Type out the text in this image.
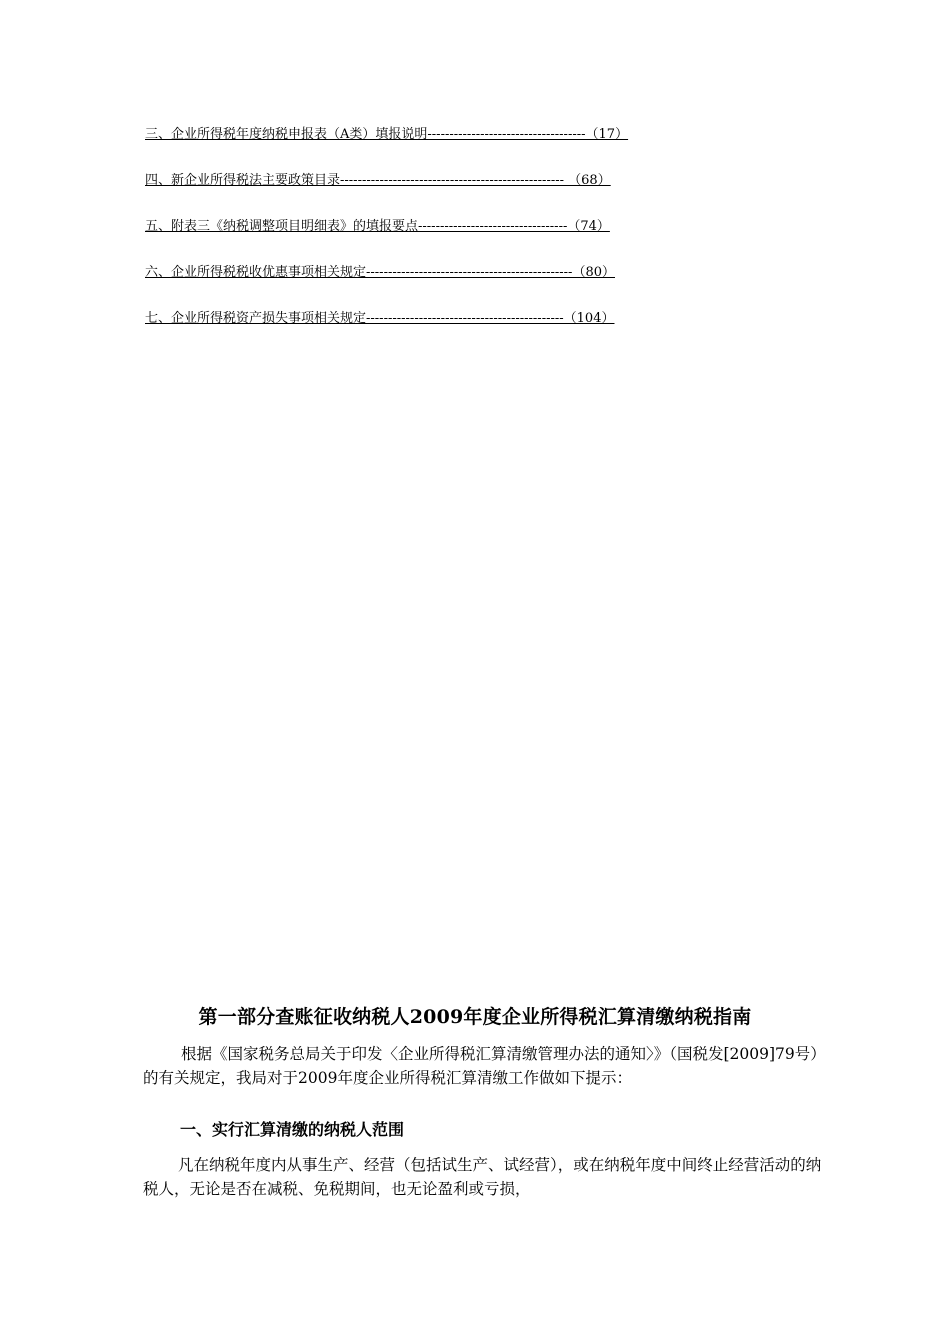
三、企业所得税年度纳税申报表（A类）填报说明------------------------------------（17）
四、新企业所得税法主要政策目录--------------------------------------------------- （68）
五、附表三《纳税调整项目明细表》的填报要点----------------------------------（74）
六、企业所得税税收优惠事项相关规定-----------------------------------------------（80）
七、企业所得税资产损失事项相关规定---------------------------------------------（104）
第一部分查账征收纳税人2009年度企业所得税汇算清缴纳税指南
根据《国家税务总局关于印发〈企业所得税汇算清缴管理办法的通知〉》（国税发[2009]79号）的有关规定，我局对于2009年度企业所得税汇算清缴工作做如下提示：
一、实行汇算清缴的纳税人范围
凡在纳税年度内从事生产、经营（包括试生产、试经营），或在纳税年度中间终止经营活动的纳税人，无论是否在减税、免税期间，也无论盈利或亏损，
